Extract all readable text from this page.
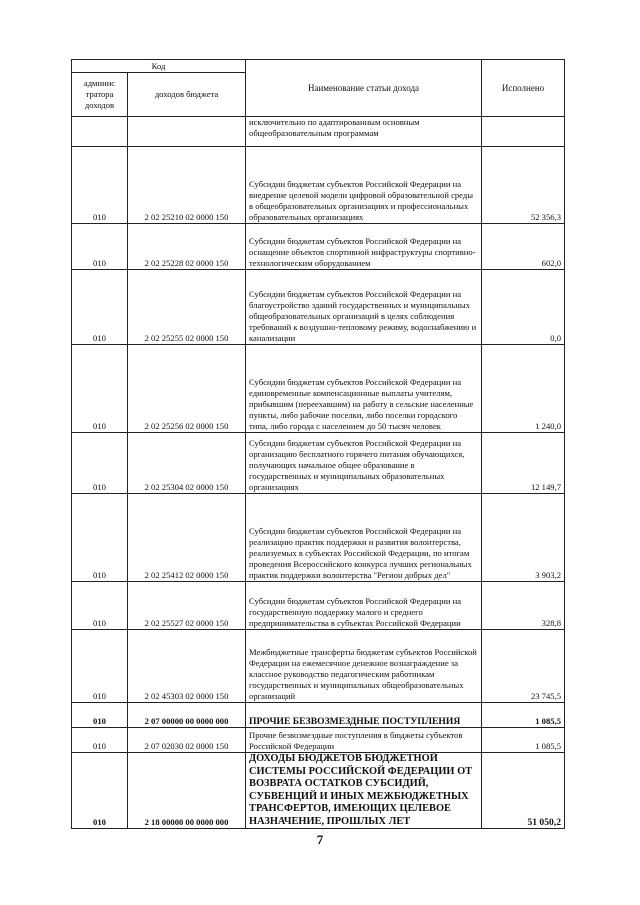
Код		Наименование статьи дохода	Исполнено
админис тратора доходов	доходов бюджета		
		исключительно по адаптированным основным общеобразовательным программам	
010	2 02 25210 02 0000 150	Субсидии бюджетам субъектов Российской Федерации на внедрение целевой модели цифровой образовательной среды в общеобразовательных организациях и профессиональных образовательных организациях	52 356,3
010	2 02 25228 02 0000 150	Субсидии бюджетам субъектов Российской Федерации на оснащение объектов спортивной инфраструктуры спортивно-технологическим оборудованием	602,0
010	2 02 25255 02 0000 150	Субсидии бюджетам субъектов Российской Федерации на благоустройство зданий государственных и муниципальных общеобразовательных организаций в целях соблюдения требований к воздушно-тепловому режиму, водоснабжению и канализации	0,0
010	2 02 25256 02 0000 150	Субсидии бюджетам субъектов Российской Федерации на единовременные компенсационные выплаты учителям, прибывшим (переехавшим) на работу в сельские населенные пункты, либо рабочие поселки, либо поселки городского типа, либо города с населением до 50 тысяч человек	1 240,0
010	2 02 25304 02 0000 150	Субсидии бюджетам субъектов Российской Федерации на организацию бесплатного горячего питания обучающихся, получающих начальное общее образование в государственных и муниципальных образовательных организациях	12 149,7
010	2 02 25412 02 0000 150	Субсидии бюджетам субъектов Российской Федерации на реализацию практик поддержки и развития волонтерства, реализуемых в субъектах Российской Федерации, по итогам проведения Всероссийского конкурса лучших региональных практик поддержки волонтерства "Регион добрых дел"	3 903,2
010	2 02 25527 02 0000 150	Субсидии бюджетам субъектов Российской Федерации на государственную поддержку малого и среднего предпринимательства в субъектах Российской Федерации	328,8
010	2 02 45303 02 0000 150	Межбюджетные трансферты бюджетам субъектов Российской Федерации на ежемесячное денежное вознаграждение за классное руководство педагогическим работникам государственных и муниципальных общеобразовательных организаций	23 745,5
010	2 07 00000 00 0000 000	ПРОЧИЕ БЕЗВОЗМЕЗДНЫЕ ПОСТУПЛЕНИЯ	1 085,5
010	2 07 02030 02 0000 150	Прочие безвозмездные поступления в бюджеты субъектов Российской Федерации	1 085,5
010	2 18 00000 00 0000 000	ДОХОДЫ БЮДЖЕТОВ БЮДЖЕТНОЙ СИСТЕМЫ РОССИЙСКОЙ ФЕДЕРАЦИИ ОТ ВОЗВРАТА ОСТАТКОВ СУБСИДИЙ, СУБВЕНЦИЙ И ИНЫХ МЕЖБЮДЖЕТНЫХ ТРАНСФЕРТОВ, ИМЕЮЩИХ ЦЕЛЕВОЕ НАЗНАЧЕНИЕ, ПРОШЛЫХ ЛЕТ	51 050,2
7
